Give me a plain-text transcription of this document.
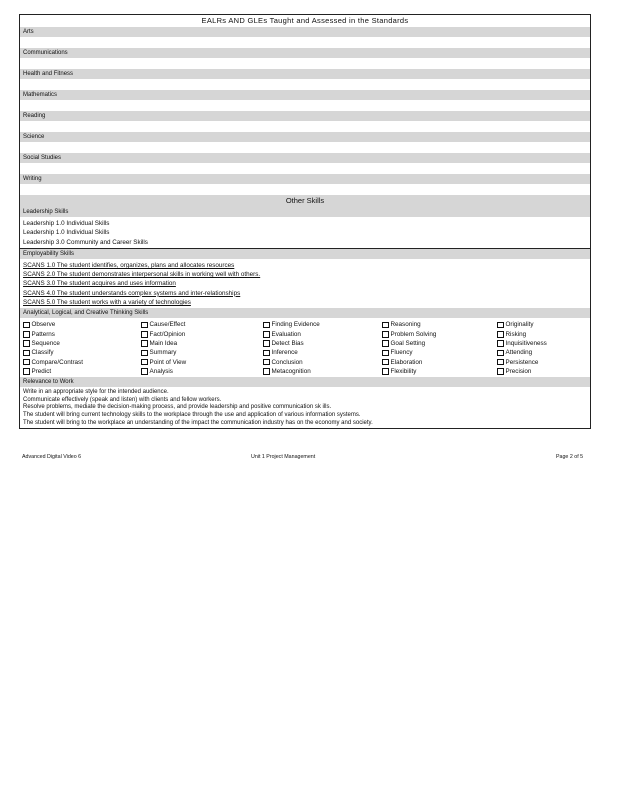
EALRs AND GLEs Taught and Assessed in the Standards
Arts
Communications
Health and Fitness
Mathematics
Reading
Science
Social Studies
Writing
Other Skills
Leadership Skills
Leadership 1.0 Individual Skills
Leadership 1.0 Individual Skills
Leadership 3.0 Community and Career Skills
Employability Skills
SCANS 1.0 The student identifies, organizes, plans and allocates resources
SCANS 2.0 The student demonstrates interpersonal skills in working well with others.
SCANS 3.0 The student acquires and uses information
SCANS 4.0 The student understands complex systems and inter-relationships
SCANS 5.0 The student works with a variety of technologies
Analytical, Logical, and Creative Thinking Skills
Observe	Cause/Effect	Finding Evidence	Reasoning	Originality
Patterns	Fact/Opinion	Evaluation	Problem Solving	Risking
Sequence	Main Idea	Detect Bias	Goal Setting	Inquisitiveness
Classify	Summary	Inference	Fluency	Attending
Compare/Contrast	Point of View	Conclusion	Elaboration	Persistence
Predict	Analysis	Metacognition	Flexibility	Precision
Relevance to Work
Write in an appropriate style for the intended audience.
Communicate effectively (speak and listen) with clients and fellow workers.
Resolve problems, mediate the decision-making process, and provide leadership and positive communication sk ills.
The student will bring current technology skills to the workplace through the use and application of various information systems.
The student will bring to the workplace an understanding of the impact the communication industry has on the economy and society.
Advanced Digital Video 6	Unit 1 Project Management	Page 2 of 5
